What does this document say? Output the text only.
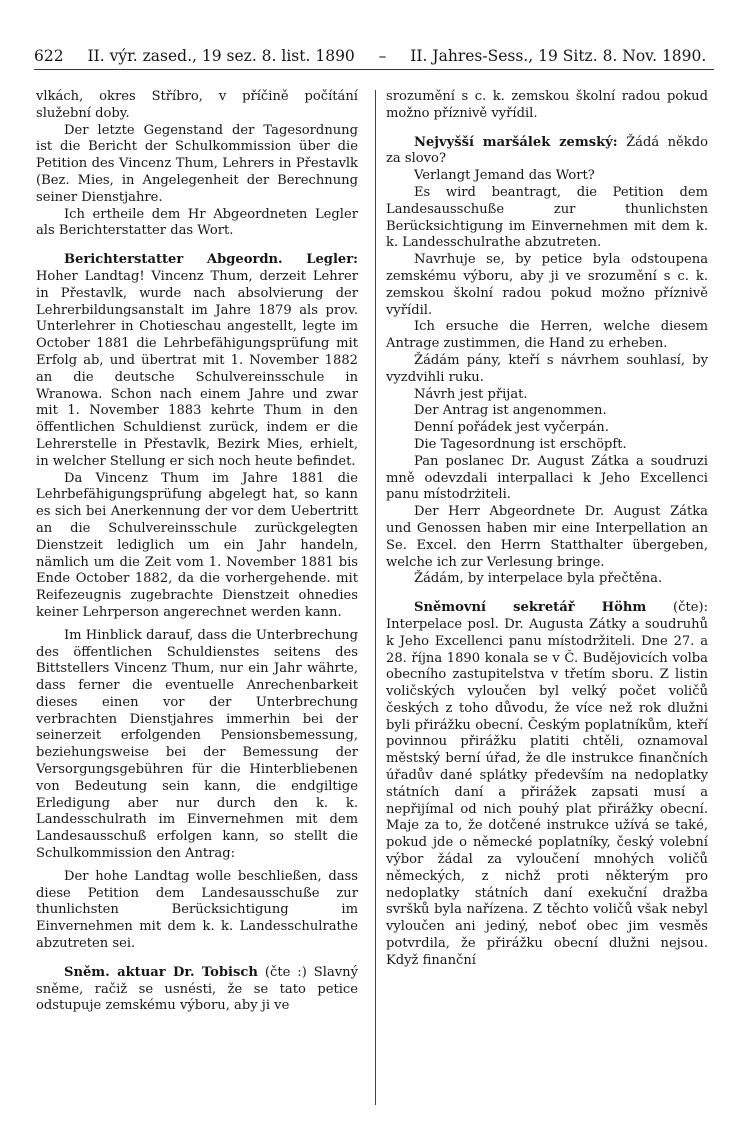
622 II. výr. zased., 19 sez. 8. list. 1890 – II. Jahres-Sess., 19 Sitz. 8. Nov. 1890.

vlkách, okres Stříbro, v příčině počítání služební doby.

Der letzte Gegenstand der Tagesordnung ist die Bericht der Schulkommission über die Petition des Vincenz Thum, Lehrers in Přestavlk (Bez. Mies, in Angelegenheit der Berechnung seiner Dienstjahre.

Ich ertheile dem Hr Abgeordneten Legler als Berichterstatter das Wort.

Berichterstatter Abgeordn. Legler: Hoher Landtag! Vincenz Thum, derzeit Lehrer in Přestavlk, wurde nach absolvierung der Lehrerbildungsanstalt im Jahre 1879 als prov. Unterlehrer in Chotieschau angestellt, legte im October 1881 die Lehrbefähigungsprüfung mit Erfolg ab, und übertrat mit 1. November 1882 an die deutsche Schulvereinsschule in Wranowa. Schon nach einem Jahre und zwar mit 1. November 1883 kehrte Thum in den öffentlichen Schuldienst zurück, indem er die Lehrerstelle in Přestavlk, Bezirk Mies, erhielt, in welcher Stellung er sich noch heute befindet.

Da Vincenz Thum im Jahre 1881 die Lehrbefähigungsprüfung abgelegt hat, so kann es sich bei Anerkennung der vor dem Uebertritt an die Schulvereinsschule zurückgelegten Dienstzeit lediglich um ein Jahr handeln, nämlich um die Zeit vom 1. November 1881 bis Ende October 1882, da die vorhergehende. mit Reifezeugnis zugebrachte Dienstzeit ohnedies keiner Lehrperson angerechnet werden kann.

Im Hinblick darauf, dass die Unterbrechung des öffentlichen Schuldienstes seitens des Bittstellers Vincenz Thum, nur ein Jahr währte, dass ferner die eventuelle Anrechenbarkeit dieses einen vor der Unterbrechung verbrachten Dienstjahres immerhin bei der seinerzeit erfolgenden Pensionsbemessung, beziehungsweise bei der Bemessung der Versorgungsgebühren für die Hinterbliebenen von Bedeutung sein kann, die endgiltige Erledigung aber nur durch den k. k. Landesschulrath im Einvernehmen mit dem Landesausschuß erfolgen kann, so stellt die Schulkommission den Antrag:

Der hohe Landtag wolle beschließen, dass diese Petition dem Landesausschuße zur thunlichsten Berücksichtigung im Einvernehmen mit dem k. k. Landesschulrathe abzutreten sei.

Sněm. aktuar Dr. Tobisch (čte :) Slavný sněme, račiž se usnésti, že se tato petice odstupuje zemskému výboru, aby ji ve

srozumění s c. k. zemskou školní radou pokud možno příznivě vyřídil.

Nejvyšší maršálek zemský: Žádá někdo za slovo?

Verlangt Jemand das Wort?

Es wird beantragt, die Petition dem Landesausschuße zur thunlichsten Berücksichtigung im Einvernehmen mit dem k. k. Landesschulrathe abzutreten.

Navrhuje se, by petice byla odstoupena zemskému výboru, aby ji ve srozumění s c. k. zemskou školní radou pokud možno příznivě vyřídil.

Ich ersuche die Herren, welche diesem Antrage zustimmen, die Hand zu erheben.

Žádám pány, kteří s návrhem souhlasí, by vyzdvihli ruku.

Návrh jest přijat.

Der Antrag ist angenommen.

Denní pořádek jest vyčerpán.

Die Tagesordnung ist erschöpft.

Pan poslanec Dr. August Zátka a soudruzi mně odevzdali interpallaci k Jeho Excellenci panu místodrżiteli.

Der Herr Abgeordnete Dr. August Zátka und Genossen haben mir eine Interpellation an Se. Excel. den Herrn Statthalter übergeben, welche ich zur Verlesung bringe.

Žádám, by interpelace byla přečtěna.

Sněmovní sekretář Höhm (čte): Interpelace posl. Dr. Augusta Zátky a soudruhů k Jeho Excellenci panu místodržiteli. Dne 27. a 28. října 1890 konala se v Č. Budějovicích volba obecního zastupitelstva v třetím sboru. Z listin voličských vyloučen byl velký počet voličů českých z toho důvodu, že více než rok dlužni byli přirážku obecní. Českým poplatníkům, kteří povinnou přirážku platiti chtěli, oznamoval městský berní úřad, že dle instrukce finančních úřadův dané splátky především na nedoplatky státních daní a přirážek zapsati musí a nepřijímal od nich pouhý plat přirážky obecní. Maje za to, že dotčené instrukce užívá se také, pokud jde o německé poplatníky, český volební výbor žádal za vyloučení mnohých voličů německých, z nichž proti některým pro nedoplatky státních daní exekuční dražba svršků byla nařízena. Z těchto voličů však nebyl vyloučen ani jediný, neboť obec jim vesměs potvrdila, že přirážku obecní dlužni nejsou. Když finanční
